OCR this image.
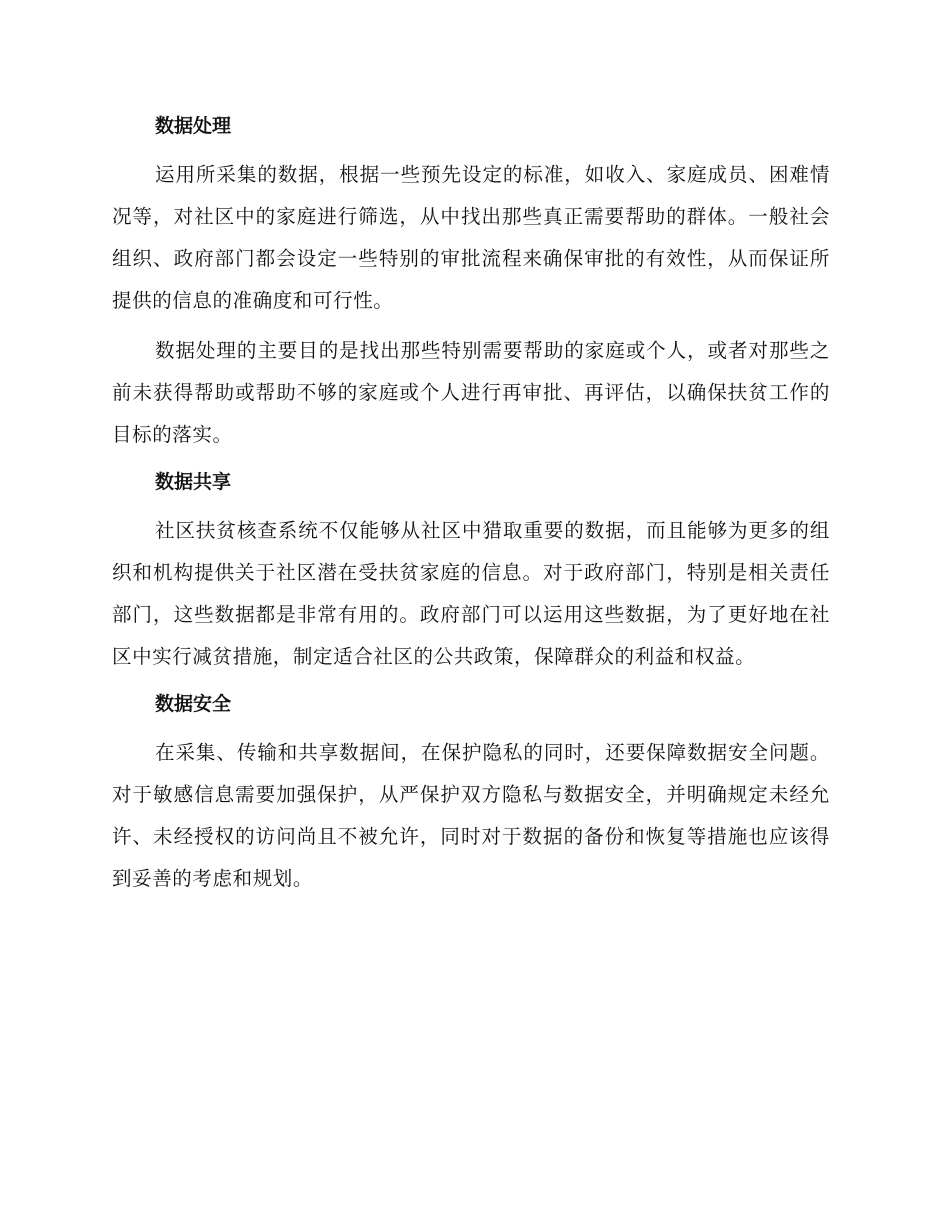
数据处理

运用所采集的数据，根据一些预先设定的标准，如收入、家庭成员、困难情况等，对社区中的家庭进行筛选，从中找出那些真正需要帮助的群体。一般社会组织、政府部门都会设定一些特别的审批流程来确保审批的有效性，从而保证所提供的信息的准确度和可行性。

数据处理的主要目的是找出那些特别需要帮助的家庭或个人，或者对那些之前未获得帮助或帮助不够的家庭或个人进行再审批、再评估，以确保扶贫工作的目标的落实。

数据共享

社区扶贫核查系统不仅能够从社区中猎取重要的数据，而且能够为更多的组织和机构提供关于社区潜在受扶贫家庭的信息。对于政府部门，特别是相关责任部门，这些数据都是非常有用的。政府部门可以运用这些数据，为了更好地在社区中实行减贫措施，制定适合社区的公共政策，保障群众的利益和权益。

数据安全

在采集、传输和共享数据间，在保护隐私的同时，还要保障数据安全问题。对于敏感信息需要加强保护，从严保护双方隐私与数据安全，并明确规定未经允许、未经授权的访问尚且不被允许，同时对于数据的备份和恢复等措施也应该得到妥善的考虑和规划。
